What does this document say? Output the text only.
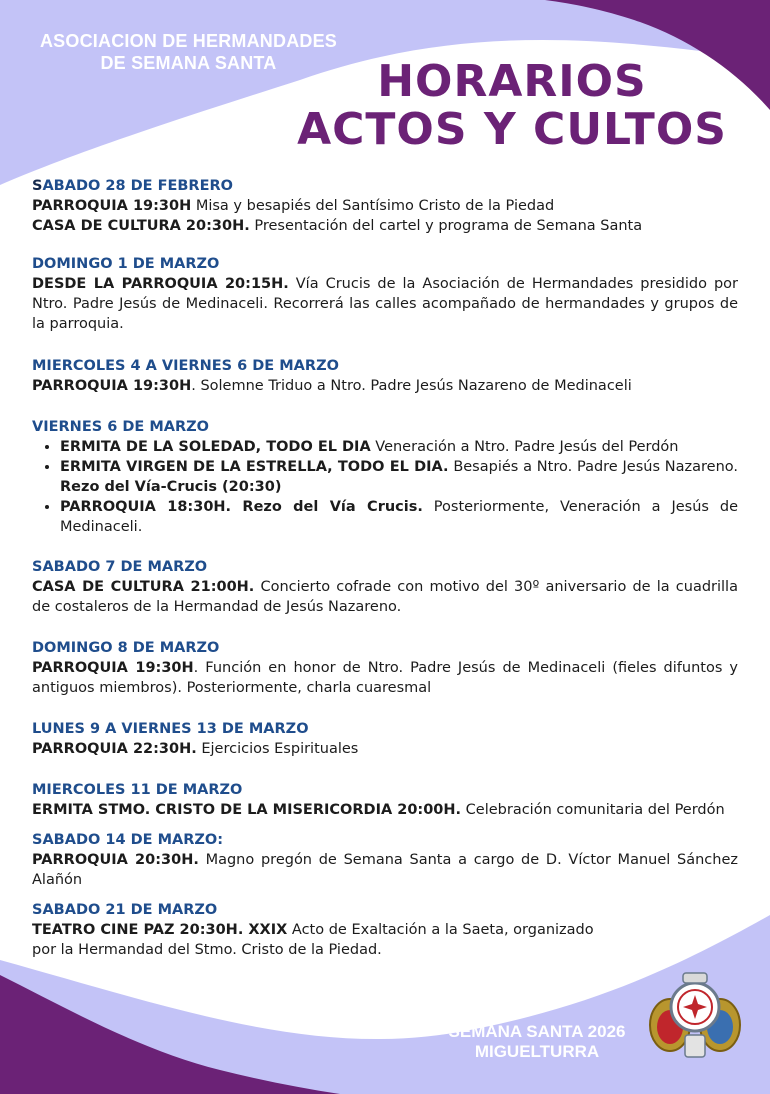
ASOCIACION DE HERMANDADES
DE SEMANA SANTA	HORARIOS
ACTOS Y CULTOS
SABADO 28 DE FEBRERO
PARROQUIA 19:30H Misa y besapiés del Santísimo Cristo de la Piedad
CASA DE CULTURA 20:30H. Presentación del cartel y programa de Semana Santa
DOMINGO 1 DE MARZO
DESDE LA PARROQUIA 20:15H. Vía Crucis de la Asociación de Hermandades presidido por Ntro. Padre Jesús de Medinaceli. Recorrerá las calles acompañado de hermandades y grupos de la parroquia.
MIERCOLES 4 A VIERNES 6 DE MARZO
PARROQUIA 19:30H. Solemne Triduo a Ntro. Padre Jesús Nazareno de Medinaceli
VIERNES 6 DE MARZO
• ERMITA DE LA SOLEDAD, TODO EL DIA Veneración a Ntro. Padre Jesús del Perdón
• ERMITA VIRGEN DE LA ESTRELLA, TODO EL DIA. Besapiés a Ntro. Padre Jesús Nazareno. Rezo del Vía-Crucis (20:30)
• PARROQUIA 18:30H. Rezo del Vía Crucis. Posteriormente, Veneración a Jesús de Medinaceli.
SABADO 7 DE MARZO
CASA DE CULTURA 21:00H. Concierto cofrade con motivo del 30º aniversario de la cuadrilla de costaleros de la Hermandad de Jesús Nazareno.
DOMINGO 8 DE MARZO
PARROQUIA 19:30H. Función en honor de Ntro. Padre Jesús de Medinaceli (fieles difuntos y antiguos miembros). Posteriormente, charla cuaresmal
LUNES 9 A VIERNES 13 DE MARZO
PARROQUIA 22:30H. Ejercicios Espirituales
MIERCOLES 11 DE MARZO
ERMITA STMO. CRISTO DE LA MISERICORDIA 20:00H. Celebración comunitaria del Perdón
SABADO 14 DE MARZO:
PARROQUIA 20:30H. Magno pregón de Semana Santa a cargo de D. Víctor Manuel Sánchez Alañón
SABADO 21 DE MARZO
TEATRO CINE PAZ 20:30H. XXIX Acto de Exaltación a la Saeta, organizado
por la Hermandad del Stmo. Cristo de la Piedad.
SEMANA SANTA 2026
MIGUELTURRA
